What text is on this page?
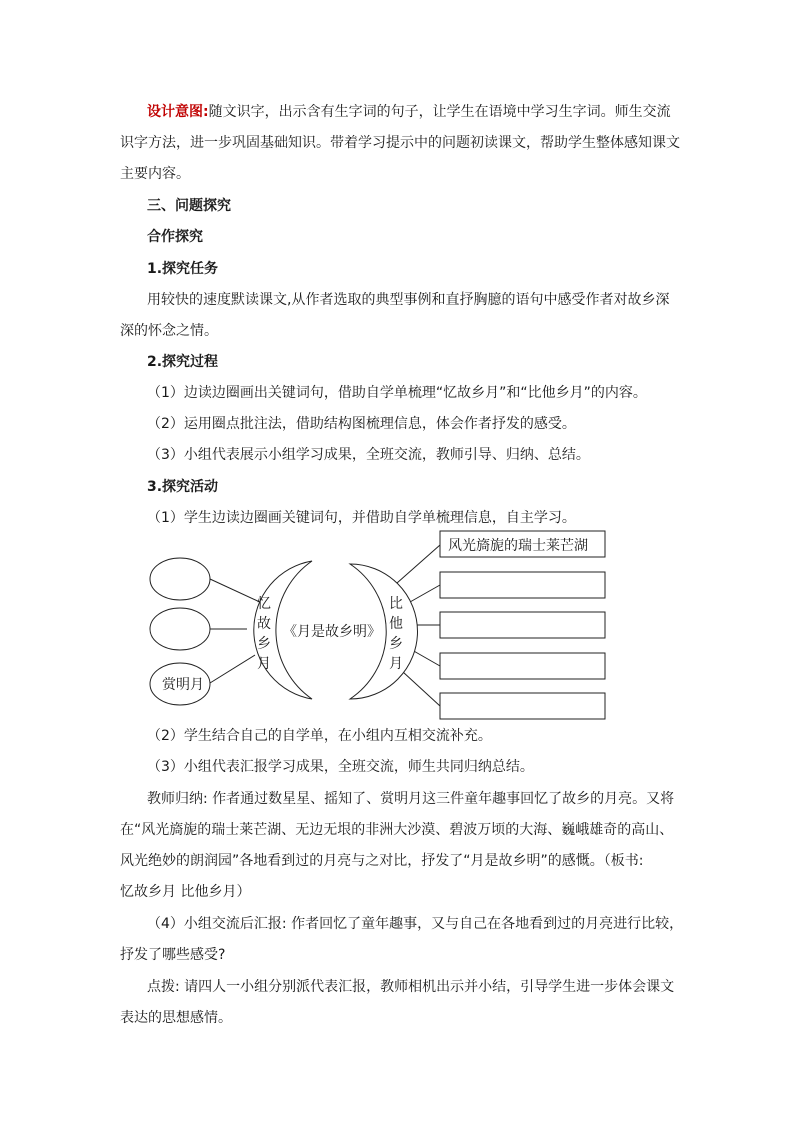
设计意图:随文识字，出示含有生字词的句子，让学生在语境中学习生字词。师生交流
识字方法，进一步巩固基础知识。带着学习提示中的问题初读课文，帮助学生整体感知课文
主要内容。
三、问题探究
合作探究
1.探究任务
用较快的速度默读课文,从作者选取的典型事例和直抒胸臆的语句中感受作者对故乡深
深的怀念之情。
2.探究过程
（1）边读边圈画出关键词句，借助自学单梳理“忆故乡月”和“比他乡月”的内容。
（2）运用圈点批注法，借助结构图梳理信息，体会作者抒发的感受。
（3）小组代表展示小组学习成果，全班交流，教师引导、归纳、总结。
3.探究活动
（1）学生边读边圈画关键词句，并借助自学单梳理信息，自主学习。
赏明月
忆
故
乡
月
比
他
乡
月
《月是故乡明》
风光旖旎的瑞士莱芒湖
（2）学生结合自己的自学单，在小组内互相交流补充。
（3）小组代表汇报学习成果，全班交流，师生共同归纳总结。
教师归纳: 作者通过数星星、摇知了、赏明月这三件童年趣事回忆了故乡的月亮。又将
在“风光旖旎的瑞士莱芒湖、无边无垠的非洲大沙漠、碧波万顷的大海、巍峨雄奇的高山、
风光绝妙的朗润园”各地看到过的月亮与之对比，抒发了“月是故乡明”的感慨。（板书:
忆故乡月 比他乡月）
（4）小组交流后汇报: 作者回忆了童年趣事，又与自己在各地看到过的月亮进行比较，
抒发了哪些感受?
点拨: 请四人一小组分别派代表汇报，教师相机出示并小结，引导学生进一步体会课文
表达的思想感情。
